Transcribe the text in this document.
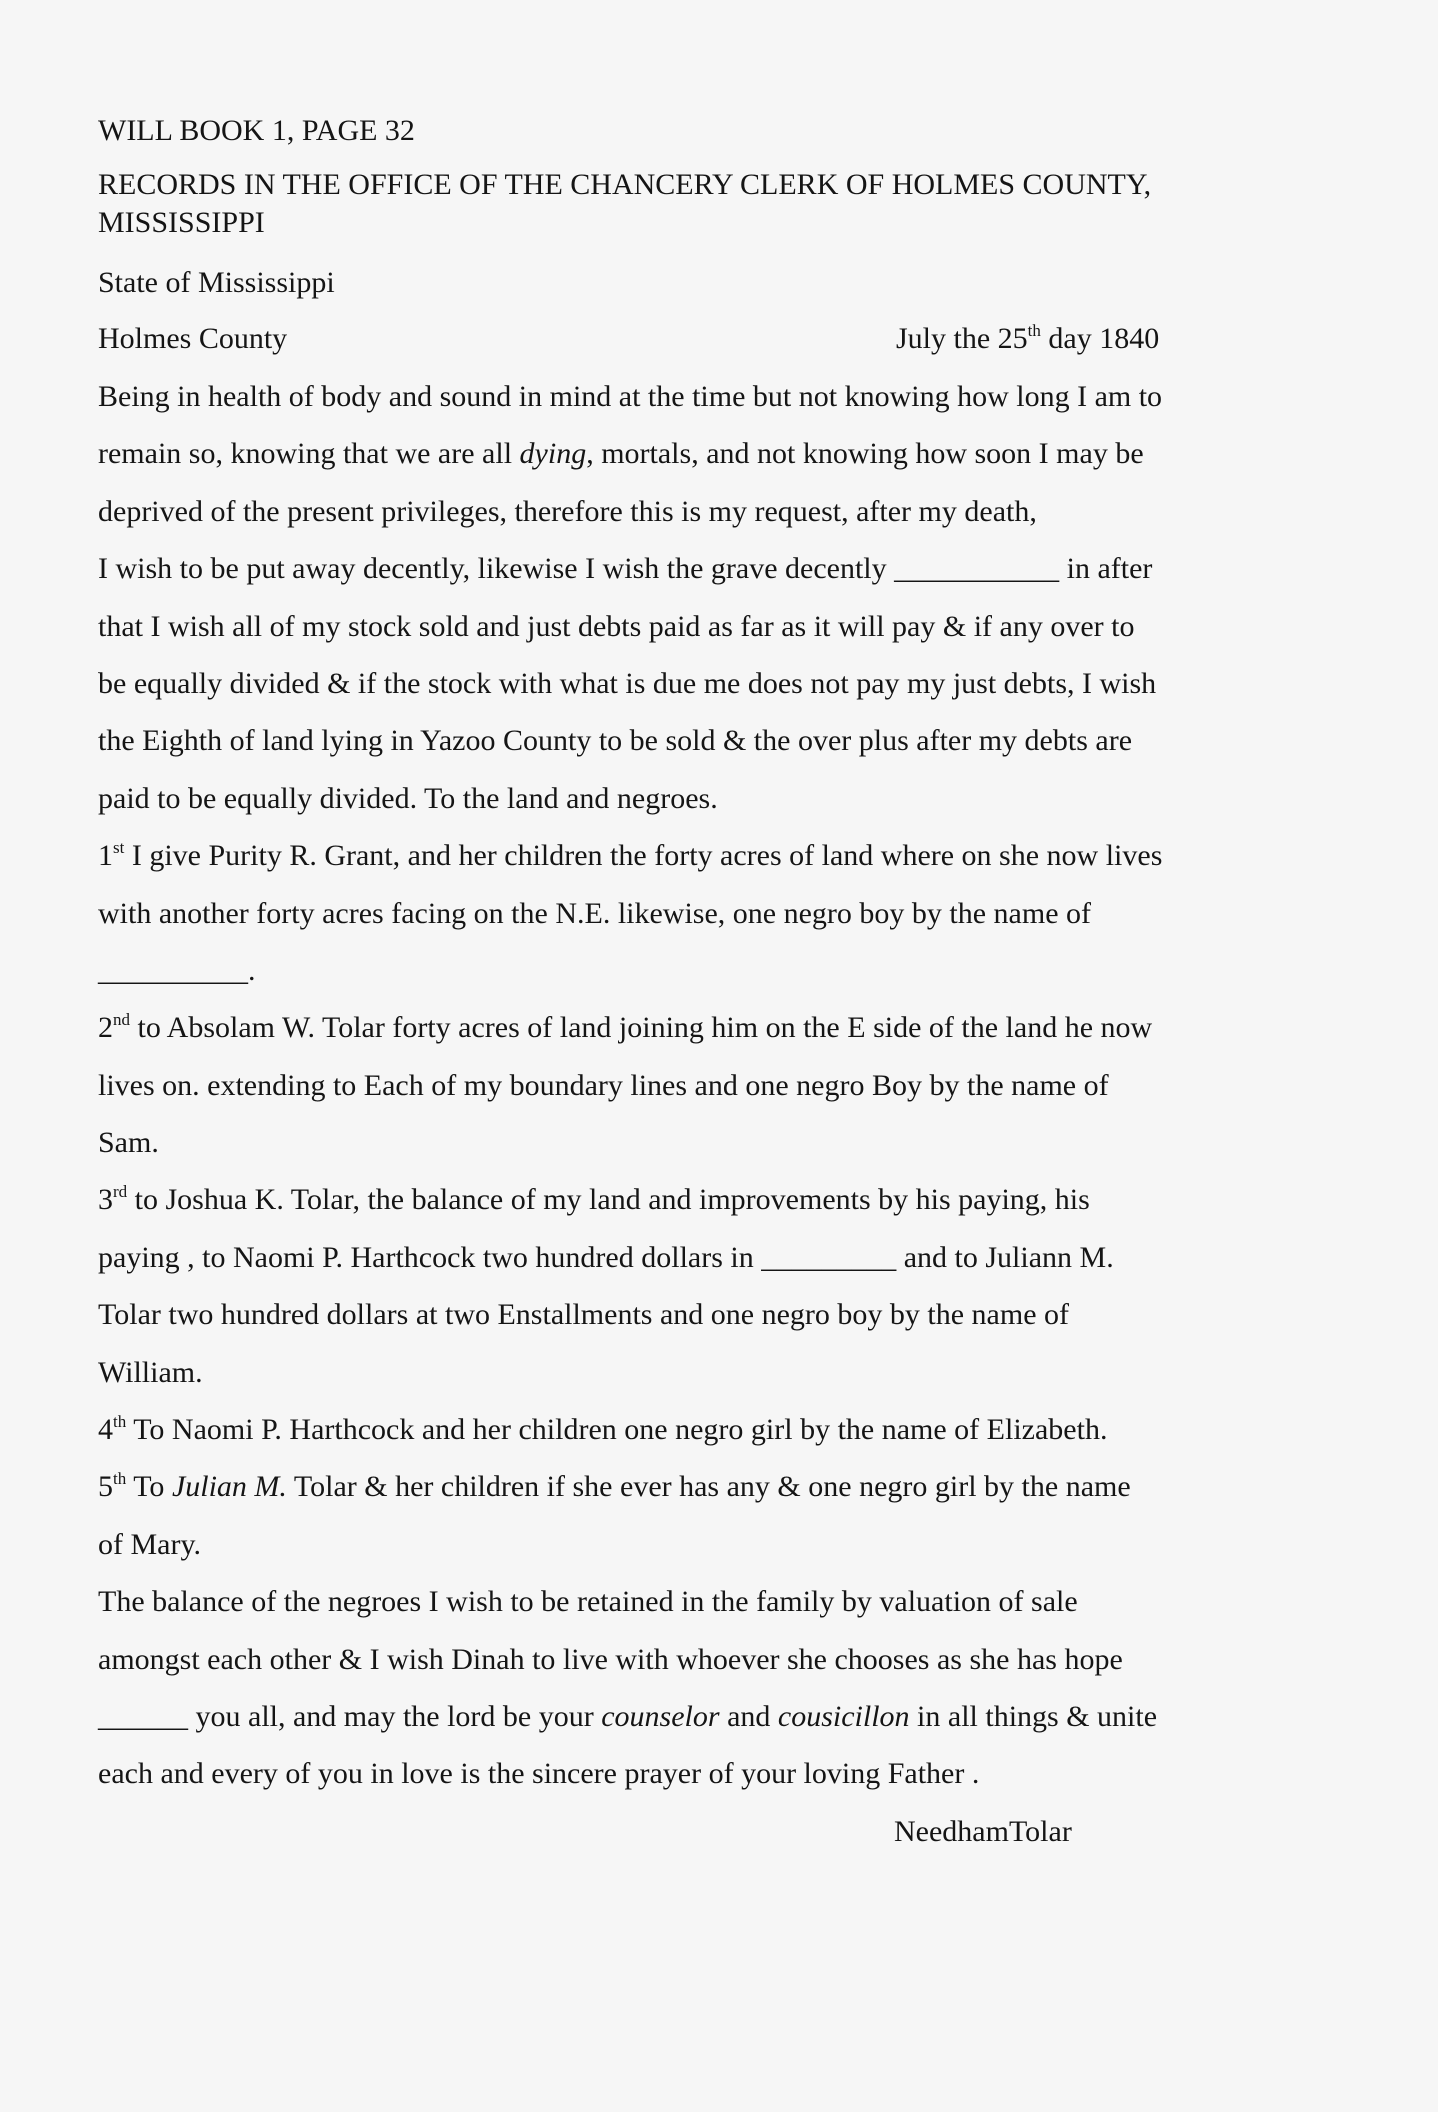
WILL BOOK 1, PAGE 32
RECORDS IN THE OFFICE OF THE CHANCERY CLERK OF HOLMES COUNTY,
MISSISSIPPI
State of Mississippi
Holmes County	July the 25th day 1840
Being in health of body and sound in mind at the time but not knowing how long I am to
remain so, knowing that we are all dying, mortals, and not knowing how soon I may be
deprived of the present privileges, therefore this is my request, after my death,
I wish to be put away decently, likewise I wish the grave decently ___________ in after
that I wish all of my stock sold and just debts paid as far as it will pay & if any over to
be equally divided & if the stock with what is due me does not pay my just debts, I wish
the Eighth of land lying in Yazoo County to be sold & the over plus after my debts are
paid to be equally divided. To the land and negroes.
1st I give Purity R. Grant, and her children the forty acres of land where on she now lives
with another forty acres facing on the N.E. likewise, one negro boy by the name of
__________.
2nd to Absolam W. Tolar forty acres of land joining him on the E side of the land he now
lives on. extending to Each of my boundary lines and one negro Boy by the name of
Sam.
3rd to Joshua K. Tolar, the balance of my land and improvements by his paying, his
paying , to Naomi P. Harthcock two hundred dollars in _________ and to Juliann M.
Tolar two hundred dollars at two Enstallments and one negro boy by the name of
William.
4th To Naomi P. Harthcock and her children one negro girl by the name of Elizabeth.
5th To Julian M. Tolar & her children if she ever has any & one negro girl by the name
of Mary.
The balance of the negroes I wish to be retained in the family by valuation of sale
amongst each other & I wish Dinah to live with whoever she chooses as she has hope
______ you all, and may the lord be your counselor and cousicillon in all things & unite
each and every of you in love is the sincere prayer of your loving Father .
NeedhamTolar
